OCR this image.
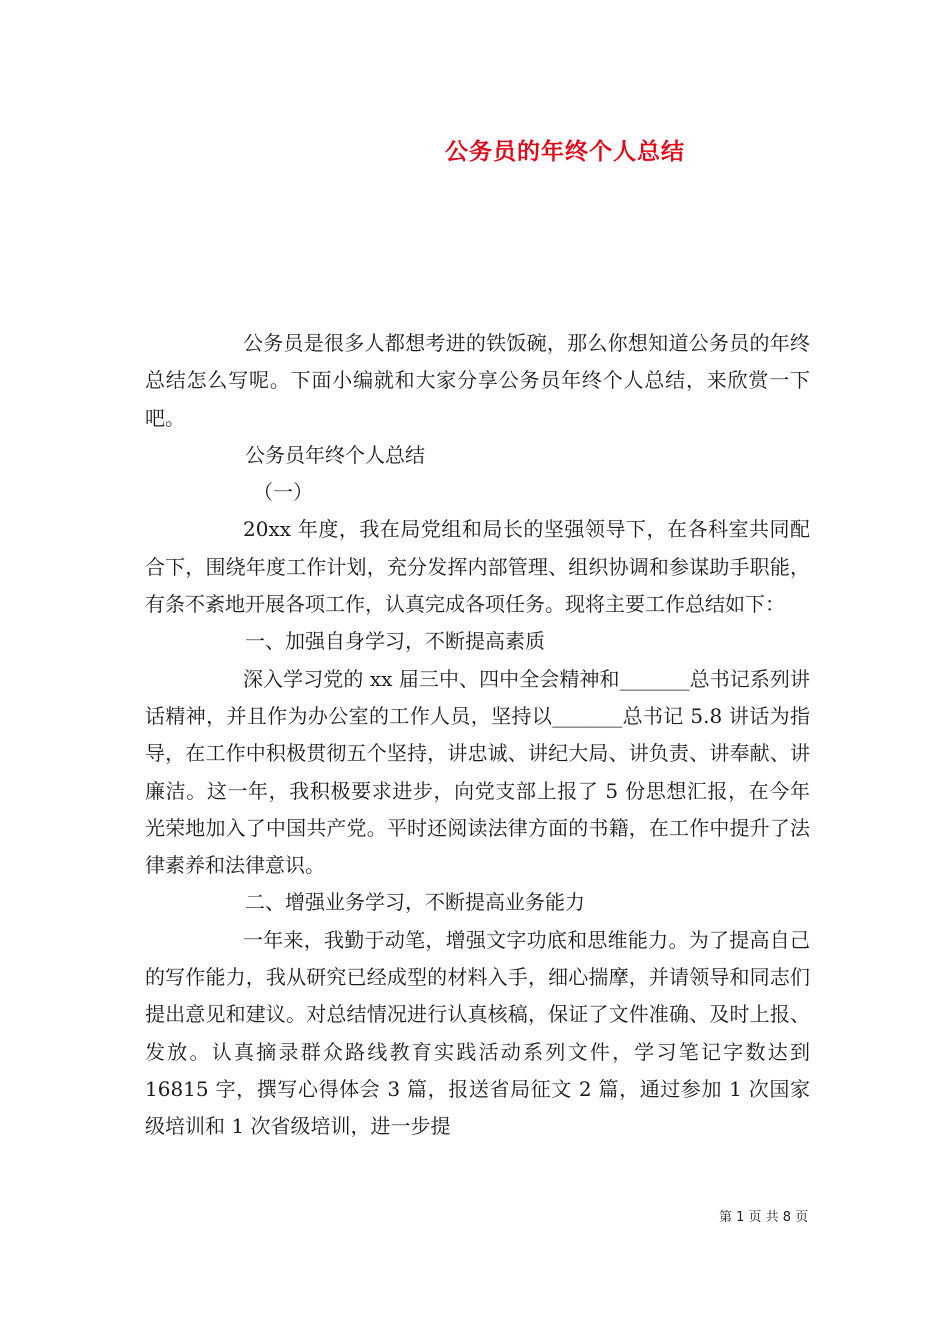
公务员的年终个人总结

公务员是很多人都想考进的铁饭碗，那么你想知道公务员的年终总结怎么写呢。下面小编就和大家分享公务员年终个人总结，来欣赏一下吧。

公务员年终个人总结

（一）

20xx 年度，我在局党组和局长的坚强领导下，在各科室共同配合下，围绕年度工作计划，充分发挥内部管理、组织协调和参谋助手职能，有条不紊地开展各项工作，认真完成各项任务。现将主要工作总结如下：

一、加强自身学习，不断提高素质

深入学习党的 xx 届三中、四中全会精神和_______总书记系列讲话精神，并且作为办公室的工作人员，坚持以_______总书记 5.8 讲话为指导，在工作中积极贯彻五个坚持，讲忠诚、讲纪大局、讲负责、讲奉献、讲廉洁。这一年，我积极要求进步，向党支部上报了 5 份思想汇报，在今年光荣地加入了中国共产党。平时还阅读法律方面的书籍，在工作中提升了法律素养和法律意识。

二、增强业务学习，不断提高业务能力

一年来，我勤于动笔，增强文字功底和思维能力。为了提高自己的写作能力，我从研究已经成型的材料入手，细心揣摩，并请领导和同志们提出意见和建议。对总结情况进行认真核稿，保证了文件准确、及时上报、发放。认真摘录群众路线教育实践活动系列文件，学习笔记字数达到 16815 字，撰写心得体会 3 篇，报送省局征文 2 篇，通过参加 1 次国家级培训和 1 次省级培训，进一步提

第 1 页 共 8 页
